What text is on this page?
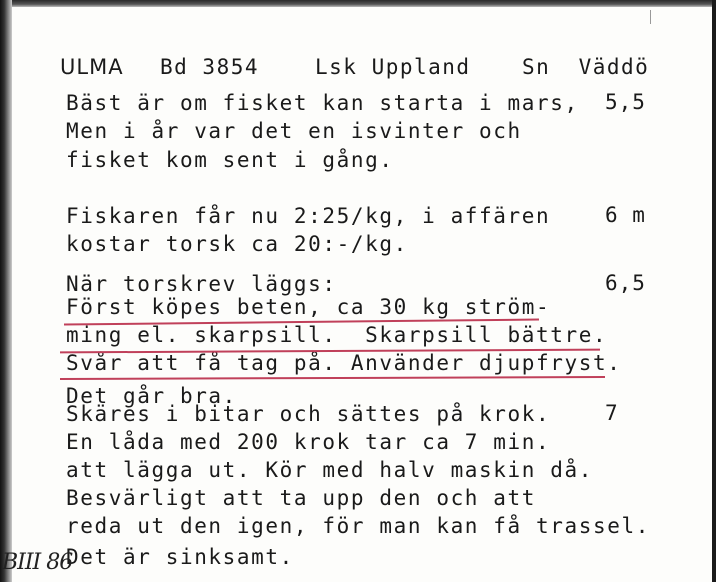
ULMA Bd 3854	Lsk Uppland Sn  Väddö
Bäst är om fisket kan starta i mars,
Men i år var det en isvinter och
fisket kom sent i gång.
5,5
Fiskaren får nu 2:25/kg, i affären
kostar torsk ca 20:-/kg.
6 m
När torskrev läggs:
Först köpes beten, ca 30 kg ström-
ming el. skarpsill.  Skarpsill bättre.
Svår att få tag på. Använder djupfryst.
Det går bra.
6,5
Skäres i bitar och sättes på krok.
En låda med 200 krok tar ca 7 min.
att lägga ut. Kör med halv maskin då.
Besvärligt att ta upp den och att
reda ut den igen, för man kan få trassel.
Det är sinksamt.
7
BIII 86
